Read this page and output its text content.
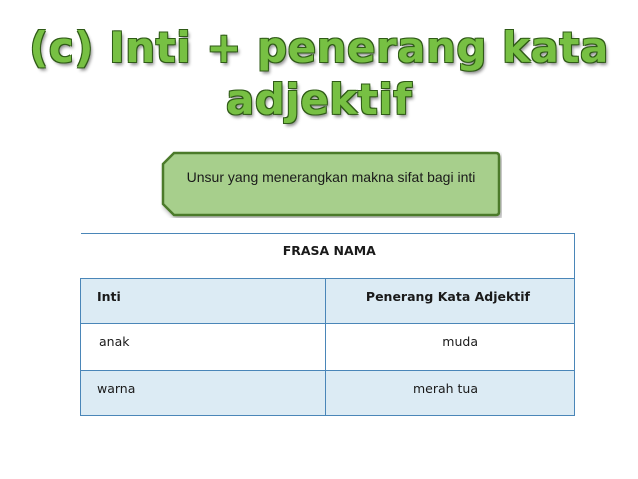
(c) Inti + penerang kata
adjektif
Unsur yang menerangkan makna sifat bagi inti
FRASA NAMA	

Inti	Penerang Kata Adjektif

anak	muda

warna	merah tua
